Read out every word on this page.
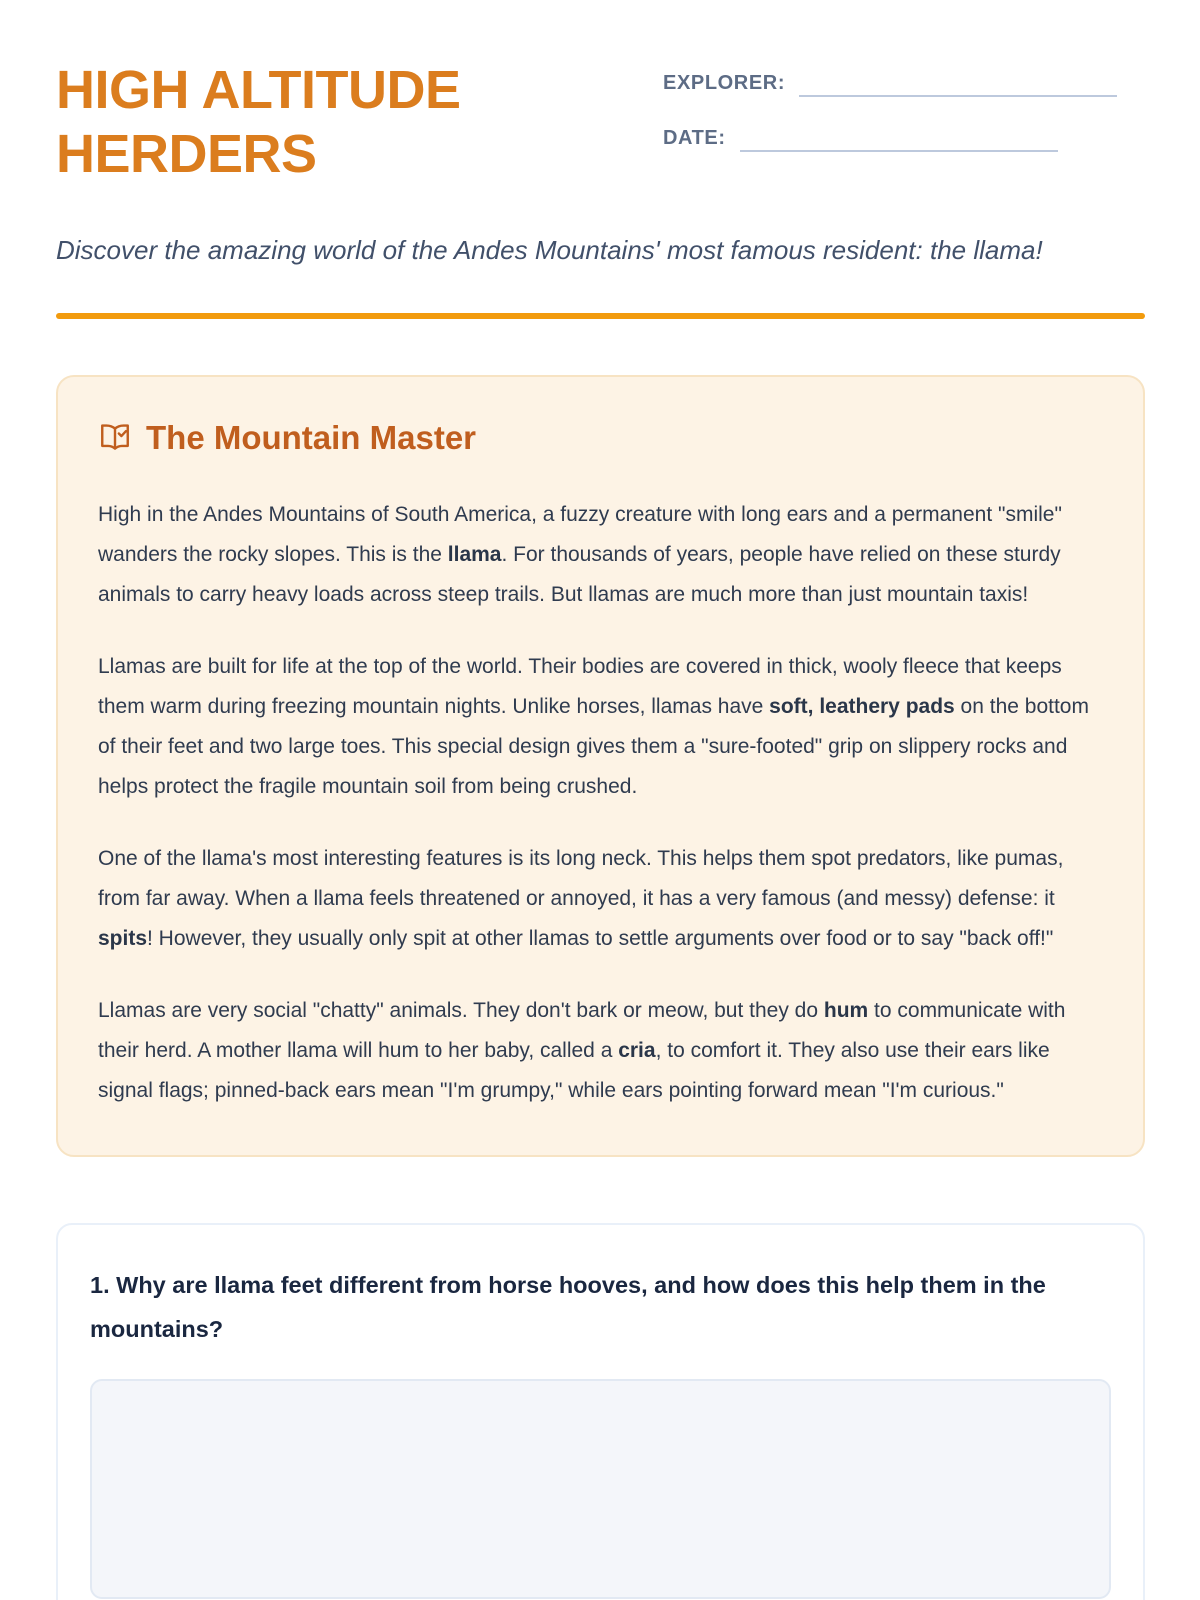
HIGH ALTITUDE
HERDERS
EXPLORER:
DATE:

Discover the amazing world of the Andes Mountains' most famous resident: the llama!

The Mountain Master

High in the Andes Mountains of South America, a fuzzy creature with long ears and a permanent "smile" wanders the rocky slopes. This is the llama. For thousands of years, people have relied on these sturdy animals to carry heavy loads across steep trails. But llamas are much more than just mountain taxis!

Llamas are built for life at the top of the world. Their bodies are covered in thick, wooly fleece that keeps them warm during freezing mountain nights. Unlike horses, llamas have soft, leathery pads on the bottom of their feet and two large toes. This special design gives them a "sure-footed" grip on slippery rocks and helps protect the fragile mountain soil from being crushed.

One of the llama's most interesting features is its long neck. This helps them spot predators, like pumas, from far away. When a llama feels threatened or annoyed, it has a very famous (and messy) defense: it spits! However, they usually only spit at other llamas to settle arguments over food or to say "back off!"

Llamas are very social "chatty" animals. They don't bark or meow, but they do hum to communicate with their herd. A mother llama will hum to her baby, called a cria, to comfort it. They also use their ears like signal flags; pinned-back ears mean "I'm grumpy," while ears pointing forward mean "I'm curious."

1. Why are llama feet different from horse hooves, and how does this help them in the mountains?
